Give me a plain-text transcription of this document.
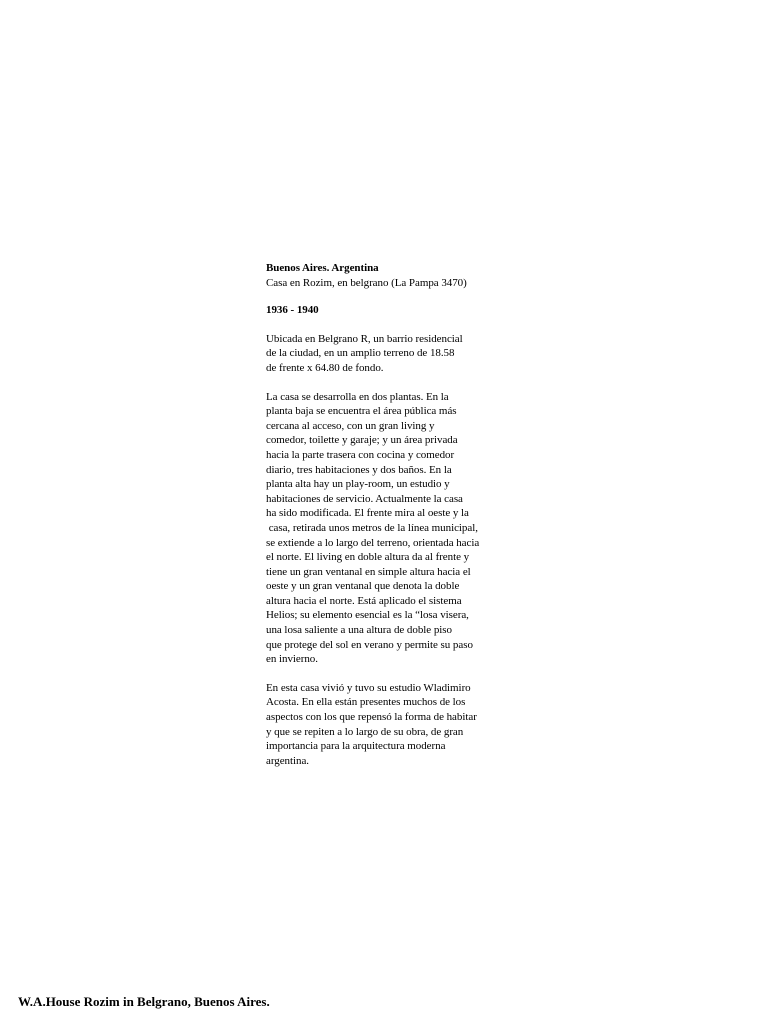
Buenos Aires. Argentina
Casa en Rozim, en belgrano (La Pampa 3470)
1936 - 1940
Ubicada en Belgrano R, un barrio residencial
de la ciudad, en un amplio terreno de 18.58
de frente x 64.80 de fondo.
La casa se desarrolla en dos plantas. En la
planta baja se encuentra el área pública más
cercana al acceso, con un gran living y
comedor, toilette y garaje; y un área privada
hacia la parte trasera con cocina y comedor
diario, tres habitaciones y dos baños. En la
planta alta hay un play-room, un estudio y
habitaciones de servicio. Actualmente la casa
ha sido modificada. El frente mira al oeste y la
casa, retirada unos metros de la línea municipal,
se extiende a lo largo del terreno, orientada hacia
el norte. El living en doble altura da al frente y
tiene un gran ventanal en simple altura hacia el
oeste y un gran ventanal que denota la doble
altura hacia el norte. Está aplicado el sistema
Helios; su elemento esencial es la “losa visera,
una losa saliente a una altura de doble piso
que protege del sol en verano y permite su paso
en invierno.
En esta casa vivió y tuvo su estudio Wladimiro
Acosta. En ella están presentes muchos de los
aspectos con los que repensó la forma de habitar
y que se repiten a lo largo de su obra, de gran
importancia para la arquitectura moderna
argentina.
W.A.House Rozim in Belgrano, Buenos Aires.
